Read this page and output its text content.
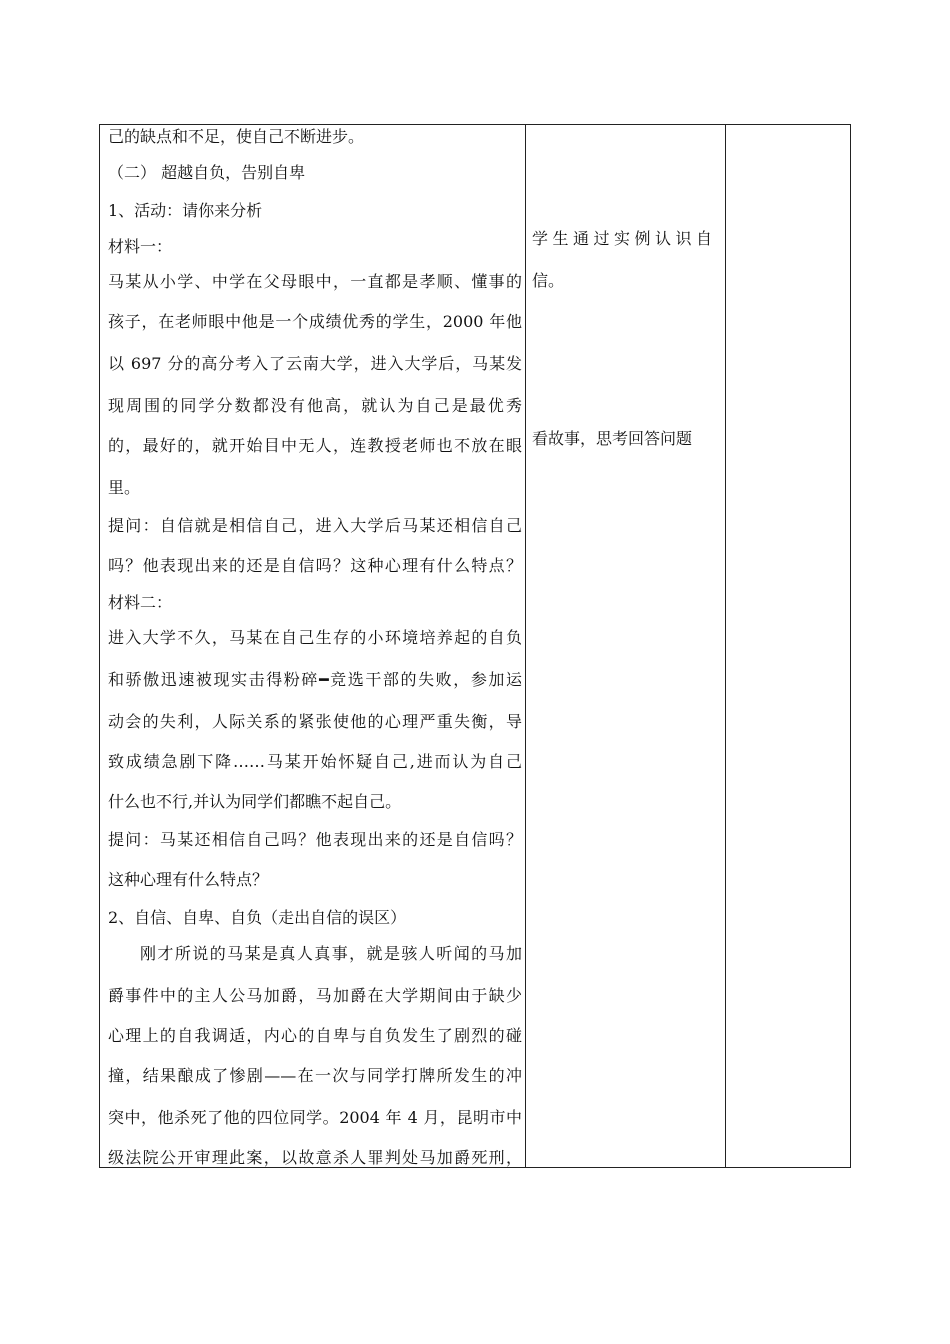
己的缺点和不足，使自己不断进步。
（二） 超越自负，告别自卑
1、活动：请你来分析
材料一：
马某从小学、中学在父母眼中，一直都是孝顺、懂事的
孩子，在老师眼中他是一个成绩优秀的学生，2000 年他
以 697 分的高分考入了云南大学，进入大学后，马某发
现周围的同学分数都没有他高，就认为自己是最优秀
的，最好的，就开始目中无人，连教授老师也不放在眼
里。
提问：自信就是相信自己，进入大学后马某还相信自己
吗？他表现出来的还是自信吗？这种心理有什么特点？
材料二：
进入大学不久，马某在自己生存的小环境培养起的自负
和骄傲迅速被现实击得粉碎━竞选干部的失败，参加运
动会的失利，人际关系的紧张使他的心理严重失衡，导
致成绩急剧下降……马某开始怀疑自己,进而认为自己
什么也不行,并认为同学们都瞧不起自己。
提问：马某还相信自己吗？他表现出来的还是自信吗？
这种心理有什么特点？
2、自信、自卑、自负（走出自信的误区）
刚才所说的马某是真人真事，就是骇人听闻的马加
爵事件中的主人公马加爵，马加爵在大学期间由于缺少
心理上的自我调适，内心的自卑与自负发生了剧烈的碰
撞，结果酿成了惨剧——在一次与同学打牌所发生的冲
突中，他杀死了他的四位同学。2004 年 4 月，昆明市中
级法院公开审理此案，以故意杀人罪判处马加爵死刑，
学生通过实例认识自
信。
看故事，思考回答问题
